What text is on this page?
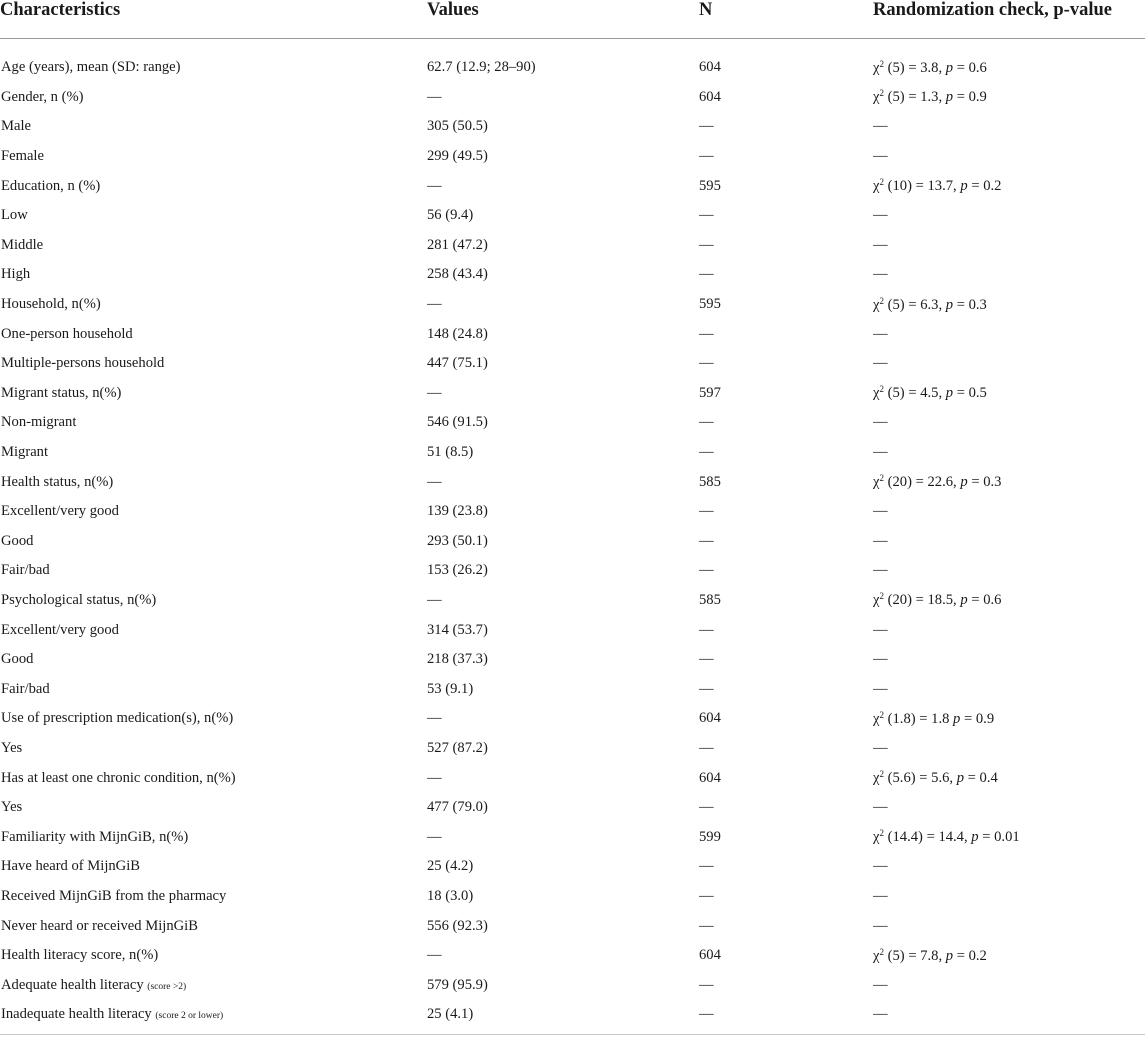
Characteristics	Values	N	Randomization check, p-value
Age (years), mean (SD: range)	62.7 (12.9; 28–90)	604	$\chi^2$ (5) = 3.8, p = 0.6
Gender, n (%)	—	604	$\chi^2$ (5) = 1.3, p = 0.9
Male	305 (50.5)	—	—
Female	299 (49.5)	—	—
Education, n (%)	—	595	$\chi^2$ (10) = 13.7, p = 0.2
Low	56 (9.4)	—	—
Middle	281 (47.2)	—	—
High	258 (43.4)	—	—
Household, n(%)	—	595	$\chi^2$ (5) = 6.3, p = 0.3
One-person household	148 (24.8)	—	—
Multiple-persons household	447 (75.1)	—	—
Migrant status, n(%)	—	597	$\chi^2$ (5) = 4.5, p = 0.5
Non-migrant	546 (91.5)	—	—
Migrant	51 (8.5)	—	—
Health status, n(%)	—	585	$\chi^2$ (20) = 22.6, p = 0.3
Excellent/very good	139 (23.8)	—	—
Good	293 (50.1)	—	—
Fair/bad	153 (26.2)	—	—
Psychological status, n(%)	—	585	$\chi^2$ (20) = 18.5, p = 0.6
Excellent/very good	314 (53.7)	—	—
Good	218 (37.3)	—	—
Fair/bad	53 (9.1)	—	—
Use of prescription medication(s), n(%)	—	604	$\chi^2$ (1.8) = 1.8 p = 0.9
Yes	527 (87.2)	—	—
Has at least one chronic condition, n(%)	—	604	$\chi^2$ (5.6) = 5.6, p = 0.4
Yes	477 (79.0)	—	—
Familiarity with MijnGiB, n(%)	—	599	$\chi^2$ (14.4) = 14.4, p = 0.01
Have heard of MijnGiB	25 (4.2)	—	—
Received MijnGiB from the pharmacy	18 (3.0)	—	—
Never heard or received MijnGiB	556 (92.3)	—	—
Health literacy score, n(%)	—	604	$\chi^2$ (5) = 7.8, p = 0.2
Adequate health literacy (score >2)	579 (95.9)	—	—
Inadequate health literacy (score 2 or lower)	25 (4.1)	—	—
